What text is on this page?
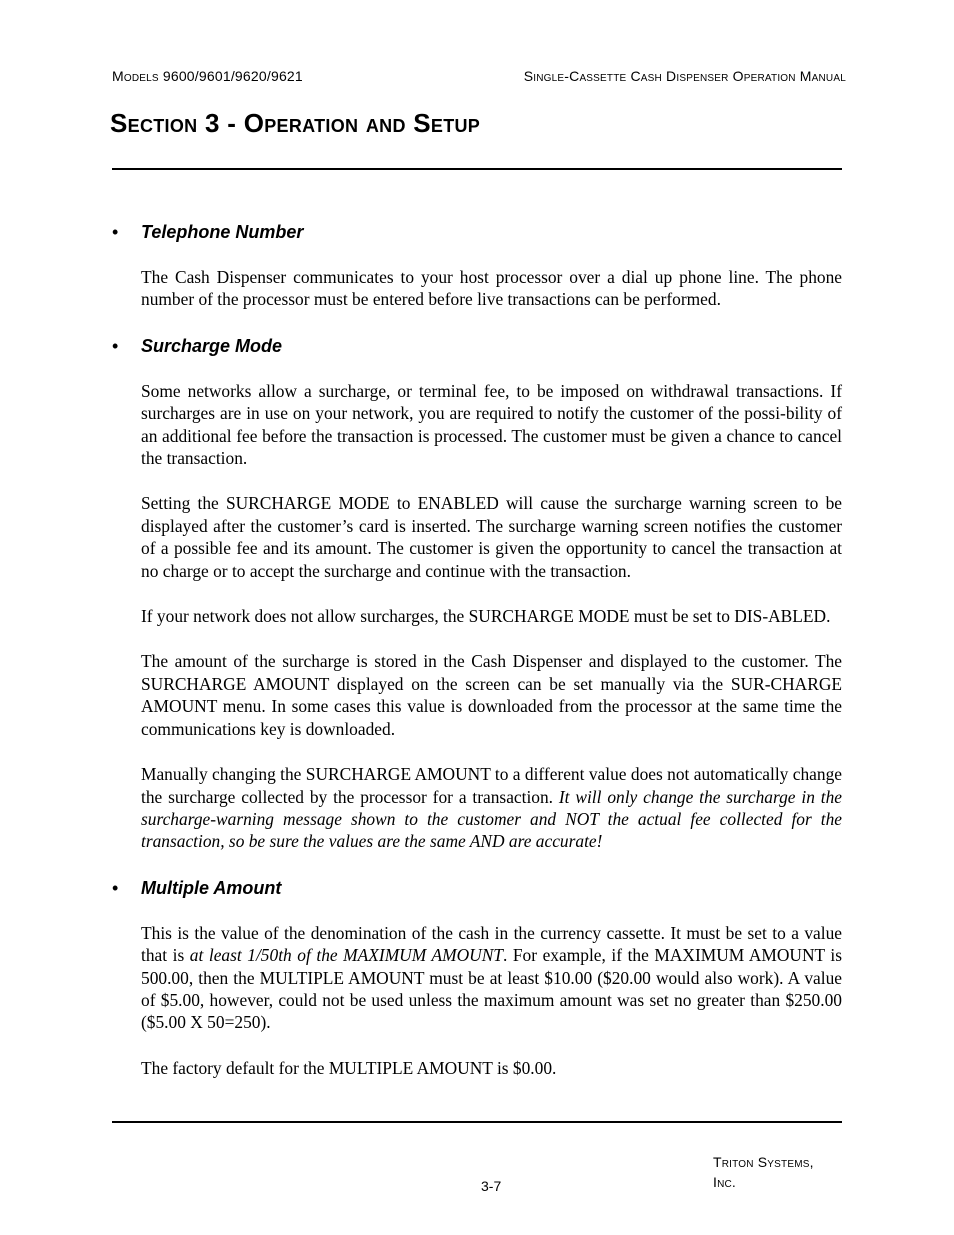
Models 9600/9601/9620/9621	Single-Cassette Cash Dispenser Operation Manual
Section 3 - Operation and Setup
• Telephone Number

The Cash Dispenser communicates to your host processor over a dial up phone line. The phone number of the processor must be entered before live transactions can be performed.

• Surcharge Mode

Some networks allow a surcharge, or terminal fee, to be imposed on withdrawal transactions. If surcharges are in use on your network, you are required to notify the customer of the possi-bility of an additional fee before the transaction is processed. The customer must be given a chance to cancel the transaction.

Setting the SURCHARGE MODE to ENABLED will cause the surcharge warning screen to be displayed after the customer’s card is inserted. The surcharge warning screen notifies the customer of a possible fee and its amount. The customer is given the opportunity to cancel the transaction at no charge or to accept the surcharge and continue with the transaction.

If your network does not allow surcharges, the SURCHARGE MODE must be set to DIS-ABLED.

The amount of the surcharge is stored in the Cash Dispenser and displayed to the customer. The SURCHARGE AMOUNT displayed on the screen can be set manually via the SUR-CHARGE AMOUNT menu. In some cases this value is downloaded from the processor at the same time the communications key is downloaded.

Manually changing the SURCHARGE AMOUNT to a different value does not automatically change the surcharge collected by the processor for a transaction. It will only change the surcharge in the surcharge-warning message shown to the customer and NOT the actual fee collected for the transaction, so be sure the values are the same AND are accurate!

• Multiple Amount

This is the value of the denomination of the cash in the currency cassette. It must be set to a value that is at least 1/50th of the MAXIMUM AMOUNT. For example, if the MAXIMUM AMOUNT is 500.00, then the MULTIPLE AMOUNT must be at least $10.00 ($20.00 would also work). A value of $5.00, however, could not be used unless the maximum amount was set no greater than $250.00 ($5.00 X 50=250).

The factory default for the MULTIPLE AMOUNT is $0.00.

3-7
Triton Systems,
Inc.
